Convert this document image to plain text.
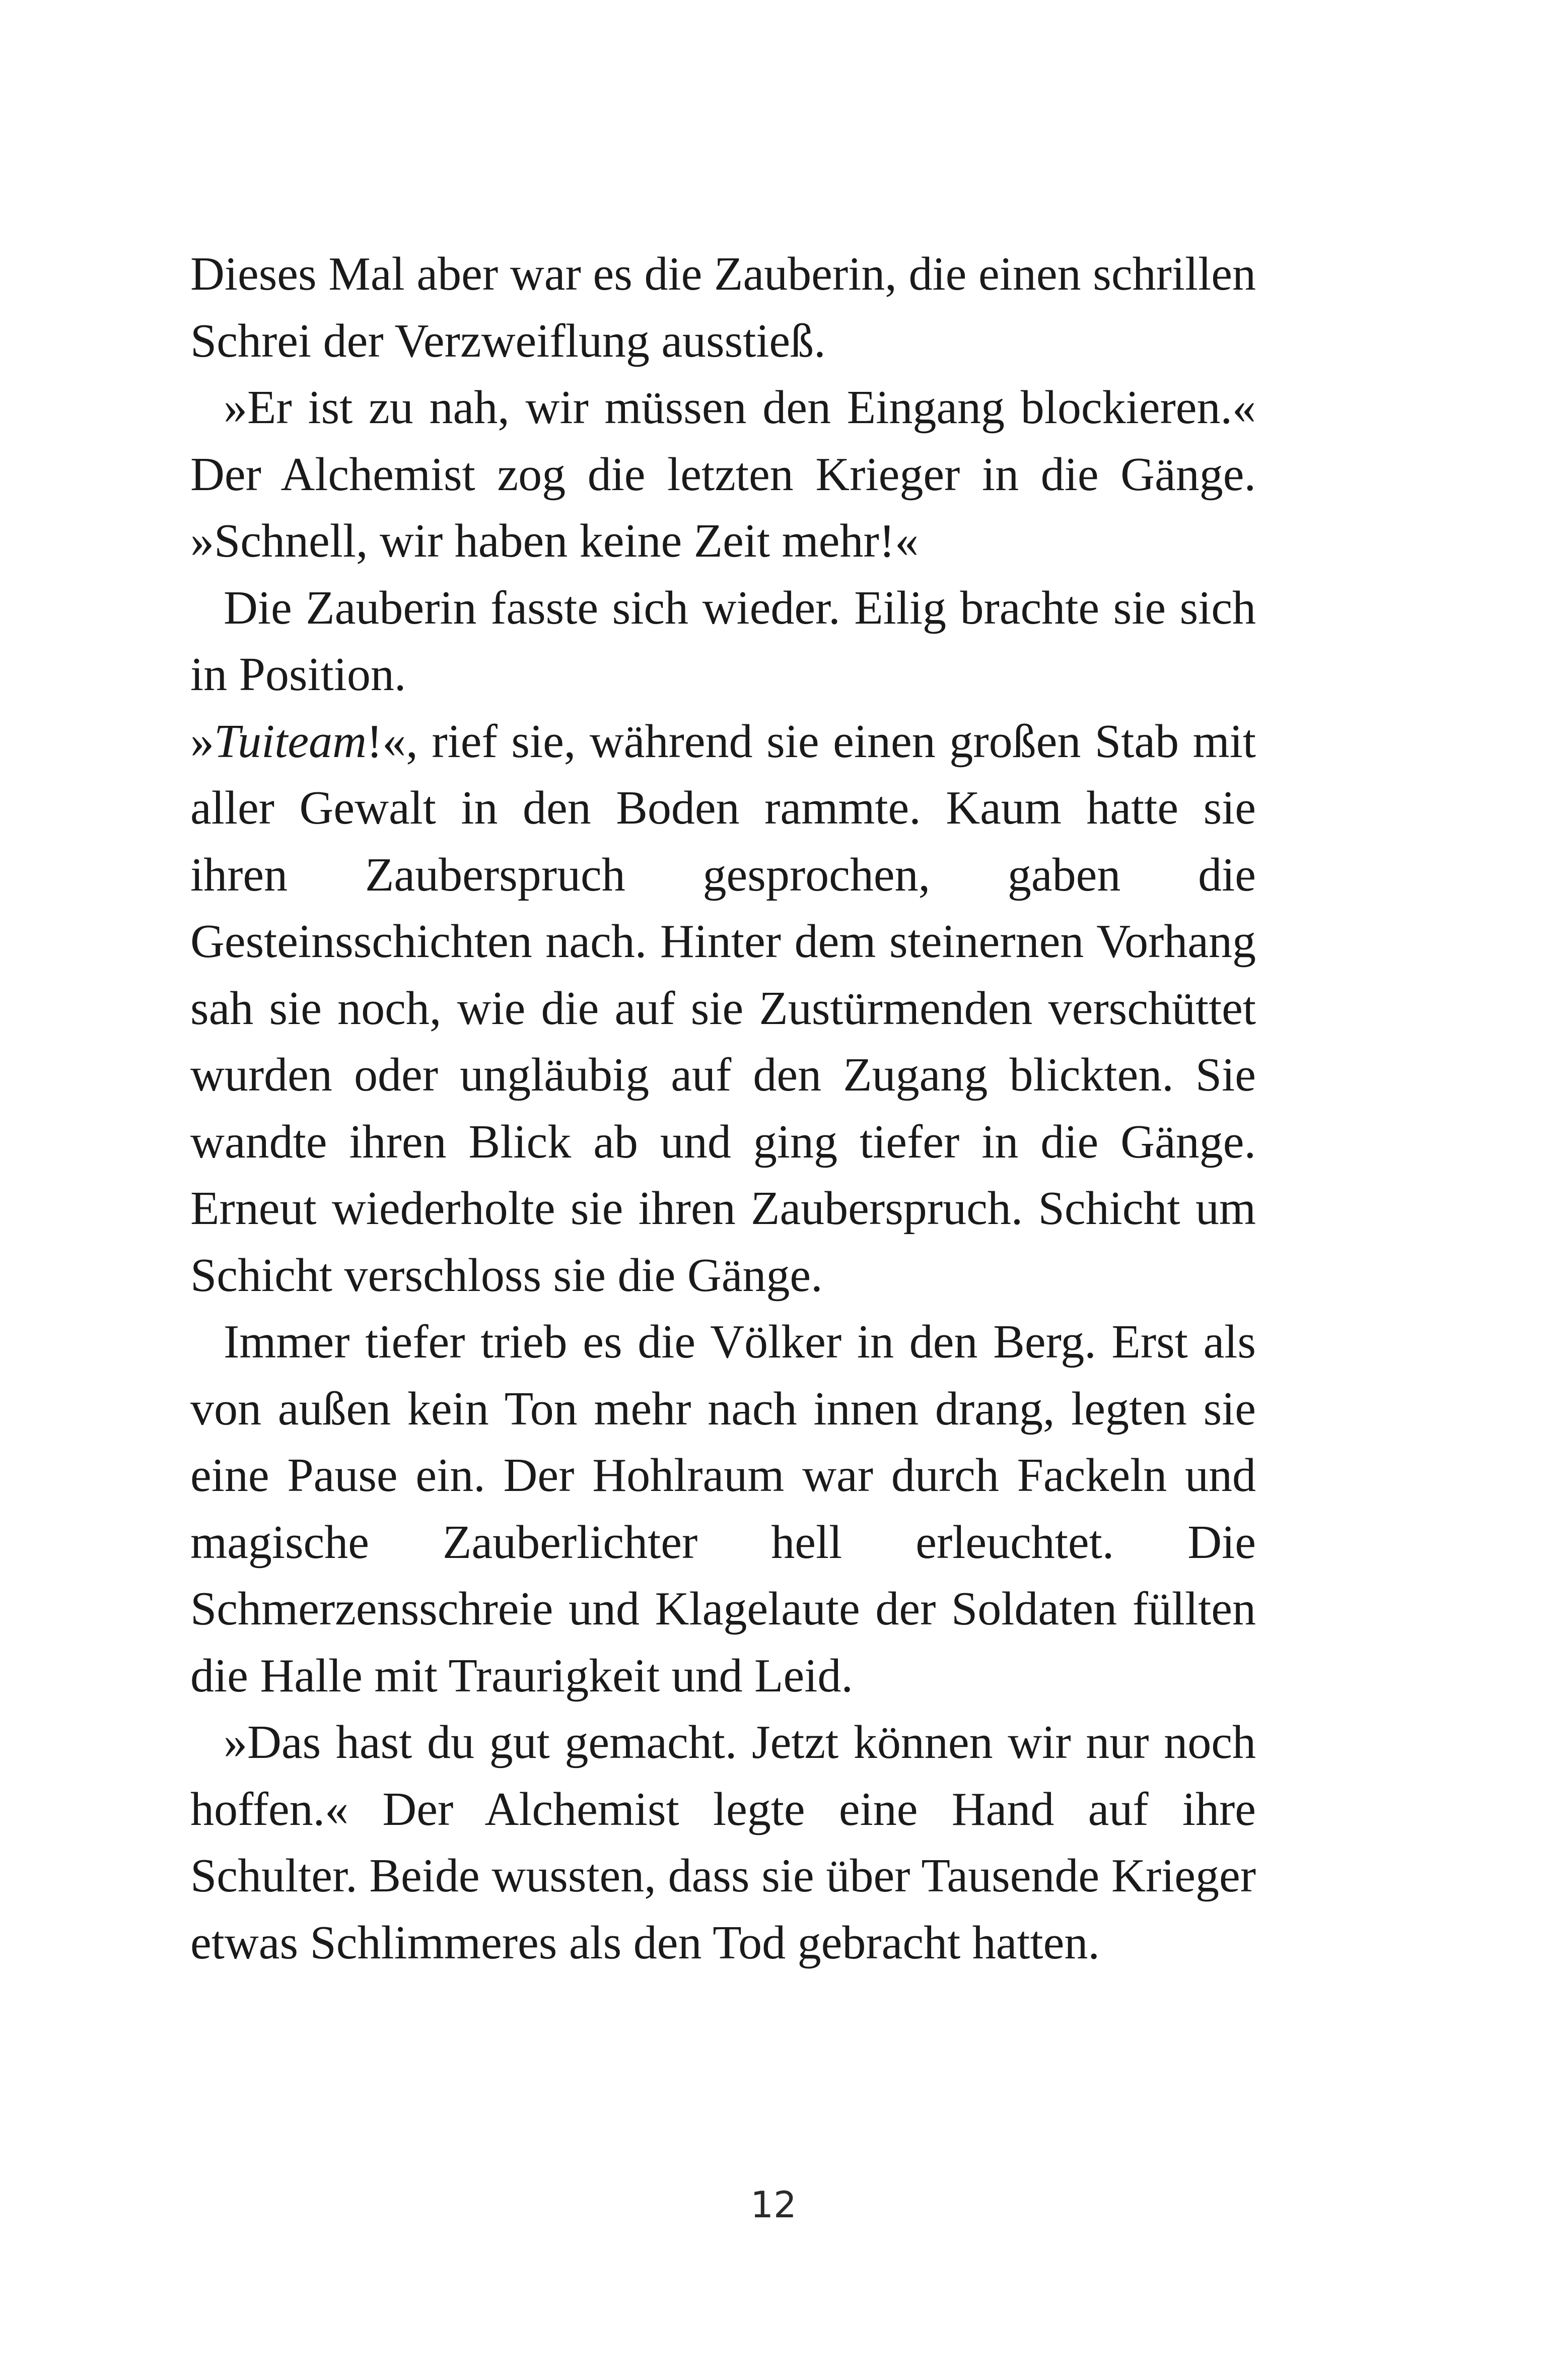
Dieses Mal aber war es die Zauberin, die einen schrillen Schrei der Verzweiflung ausstieß.

»Er ist zu nah, wir müssen den Eingang blockieren.« Der Alchemist zog die letzten Krieger in die Gänge. »Schnell, wir haben keine Zeit mehr!«

Die Zauberin fasste sich wieder. Eilig brachte sie sich in Position.

»Tuiteam!«, rief sie, während sie einen großen Stab mit aller Gewalt in den Boden rammte. Kaum hatte sie ihren Zauberspruch gesprochen, gaben die Gesteinsschichten nach. Hinter dem steinernen Vorhang sah sie noch, wie die auf sie Zustürmenden verschüttet wurden oder ungläubig auf den Zugang blickten. Sie wandte ihren Blick ab und ging tiefer in die Gänge. Erneut wiederholte sie ihren Zauberspruch. Schicht um Schicht verschloss sie die Gänge.

Immer tiefer trieb es die Völker in den Berg. Erst als von außen kein Ton mehr nach innen drang, legten sie eine Pause ein. Der Hohlraum war durch Fackeln und magische Zauberlichter hell erleuchtet. Die Schmerzensschreie und Klagelaute der Soldaten füllten die Halle mit Traurigkeit und Leid.

»Das hast du gut gemacht. Jetzt können wir nur noch hoffen.« Der Alchemist legte eine Hand auf ihre Schulter. Beide wussten, dass sie über Tausende Krieger etwas Schlimmeres als den Tod gebracht hatten.

12
